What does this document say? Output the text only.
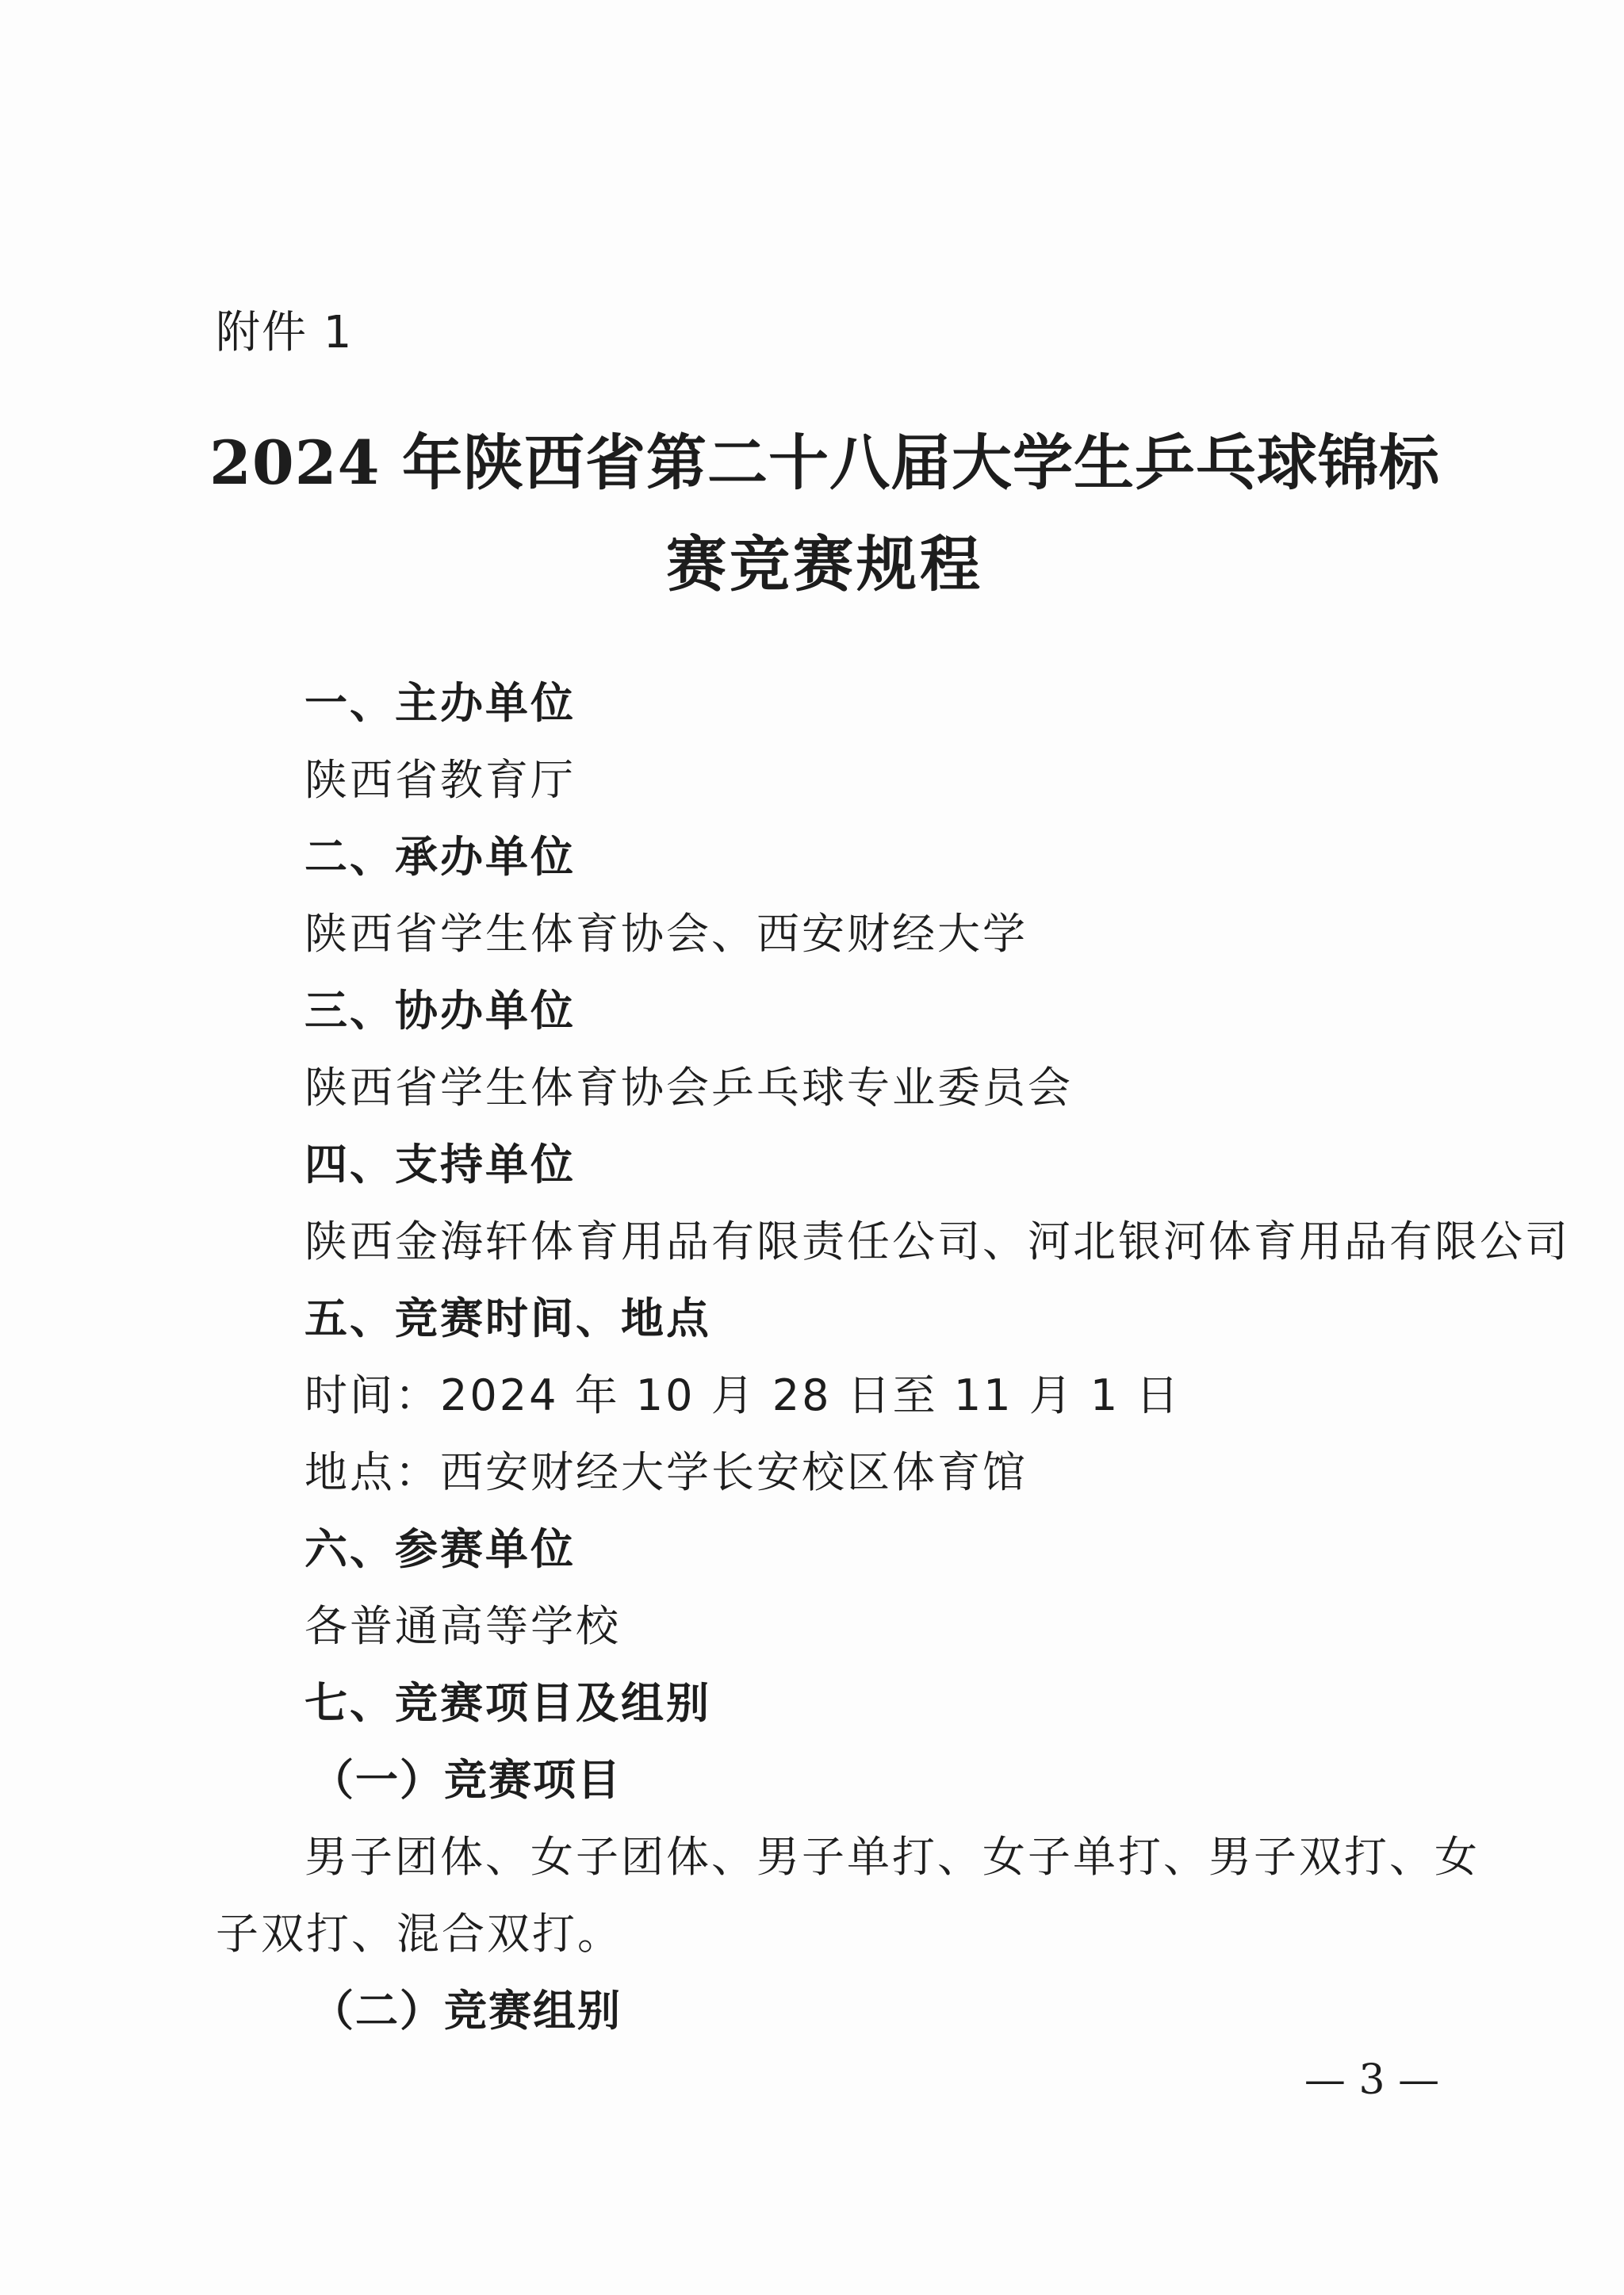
附件 1
2024 年陕西省第二十八届大学生乒乓球锦标
赛竞赛规程
一、主办单位
陕西省教育厅
二、承办单位
陕西省学生体育协会、西安财经大学
三、协办单位
陕西省学生体育协会乒乓球专业委员会
四、支持单位
陕西金海轩体育用品有限责任公司、河北银河体育用品有限公司
五、竞赛时间、地点
时间：2024 年 10 月 28 日至 11 月 1 日
地点：西安财经大学长安校区体育馆
六、参赛单位
各普通高等学校
七、竞赛项目及组别
（一）竞赛项目
男子团体、女子团体、男子单打、女子单打、男子双打、女
子双打、混合双打。
（二）竞赛组别
— 3 —
